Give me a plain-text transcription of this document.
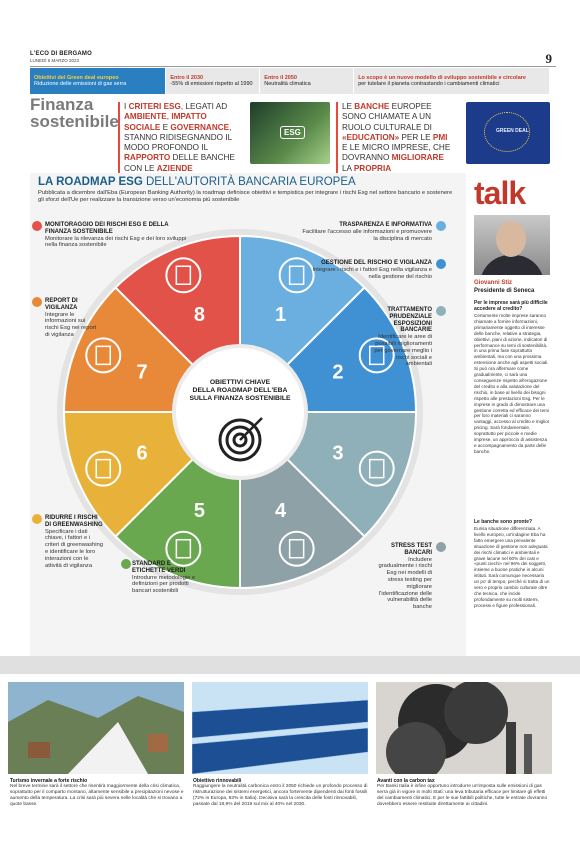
L'ECO DI BERGAMO
LUNEDÌ 6 MARZO 2023	9
Obiettivi del Green deal europeo
Riduzione delle emissioni di gas serra
Entro il 2030
-55% di emissioni rispetto al 1990
Entro il 2050
Neutralità climatica
Lo scopo è un nuovo modello di sviluppo sostenibile e circolare
per tutelare il pianeta contrastando i cambiamenti climatici
Finanza
sostenibile
I CRITERI ESG, LEGATI AD AMBIENTE, IMPATTO SOCIALE E GOVERNANCE, STANNO RIDISEGNANDO IL MODO PROFONDO IL RAPPORTO DELLE BANCHE CON LE AZIENDE
ESG
LE BANCHE EUROPEE SONO CHIAMATE A UN RUOLO CULTURALE DI «EDUCATION» PER LE PMI E LE MICRO IMPRESE, CHE DOVRANNO MIGLIORARE LA PROPRIA
GREEN DEAL
LA ROADMAP ESG DELL'AUTORITÀ BANCARIA EUROPEA
Pubblicata a dicembre dall'Eba (European Banking Authority) la roadmap definisce obiettivi e tempistica per integrare i rischi Esg nel settore bancario e sostenere gli sforzi dell'Ue per realizzare la transizione verso un'economia più sostenibile
1
2
3
4
5
6
7
8
OBIETTIVI CHIAVE
DELLA ROADMAP DELL'EBA
SULLA FINANZA SOSTENIBILE
MONITORAGGIO DEI RISCHI ESG E DELLA FINANZA SOSTENIBILE
Monitorare la rilevanza dei rischi Esg e dei loro sviluppi nella finanza sostenibile
REPORT DI VIGILANZA
Integrare le informazioni sui rischi Esg nei report di vigilanza
RIDURRE I RISCHI DI GREENWASHING
Specificare i dati chiave, i fattori e i criteri di greenwashing e identificare le loro interazioni con le attività di vigilanza	STANDARD E ETICHETTE VERDI
Introdurre metodologie e definizioni per prodotti bancari sostenibili
TRASPARENZA E INFORMATIVA
Facilitare l'accesso alle informazioni e promuovere la disciplina di mercato
GESTIONE DEL RISCHIO E VIGILANZA
Integrare i rischi e i fattori Esg nella vigilanza e nella gestione del rischio
TRATTAMENTO PRUDENZIALE ESPOSIZIONI BANCARIE
Identificare le aree di possibili miglioramenti per governare meglio i rischi sociali e ambientali
STRESS TEST BANCARI
Includere gradualmente i rischi Esg nei modelli di stress testing per migliorare l'identificazione delle vulnerabilità delle banche
talk
Giovanni Stiz
Presidente di Seneca
Per le imprese sarà più difficile accedere al credito?
Certamente molte imprese saranno chiamate a fornire informazioni, primariamente oggetto di interesse delle banche, relative a strategia, obiettivi, piani di azione, indicatori di performance su temi di sostenibilità, in una prima fase soprattutto ambientali, ma con una prossima estensione anche agli aspetti sociali. Si può ora affermare come gradualmente, ci sarà una conseguenze rispetto all'erogazione del credito e alla valutazione del rischio, in base al livello dei bisogni rispetto alle prestazioni Esg. Per le imprese in grado di dimostrare una gestione corretta ed efficace dei temi per loro materiali ci saranno vantaggi, accesso al credito e miglior pricing. Sarà fondamentale, soprattutto per piccole e medie imprese, un approccio di assistenza e accompagnamento da parte delle banche.
Le banche sono pronte?
Eurisa situazione differenziata. A livello europeo, un'indagine Eba ha fatto emergere una prevalente situazione di gestione non adeguata dei rischi climatici e ambientali e grave lacune nel 60% dei casi e «punti ciechi» nel 96% dei soggetti, insieme a buone pratiche in alcuni istituti. Sarà comunque necessario un po' di tempo, perché si tratta di un vero e proprio cambio culturale oltre che tecnica, che incide profondamente su molti sistemi, processi e figure professionali.
Turismo invernale a forte rischio
Nel breve termine sarà il settore che risentirà maggiormente della crisi climatica, soprattutto per il comparto montano, altamente sensibile a precipitazioni nevose e aumento della temperatura. La crisi sarà più severa nelle località che si trovano a quote basse.
Obiettivo rinnovabili
Raggiungere la neutralità carbonica entro il 2050 richiede un profondo processo di ristrutturazione dei sistemi energetici, ancora fortemente dipendenti dai fonti fossili (72% in Europa, 83% in Italia). Decisiva sarà la crescita delle fonti rinnovabili, passate dal 18,9% del 2019 sul mix al 40% nel 2030.
Avanti con la carbon tax
Per Banki Italia è infine opportuno introdurre un'imposta sulle emissioni di gas serra già in vigore in molti Stati: una leva tributaria efficace per limitare gli effetti del cambiamenti climatici. E per le sue fattibili politiche, tutte le entrate dovranno dovrebbero essere restituite direttamente ai cittadini.
